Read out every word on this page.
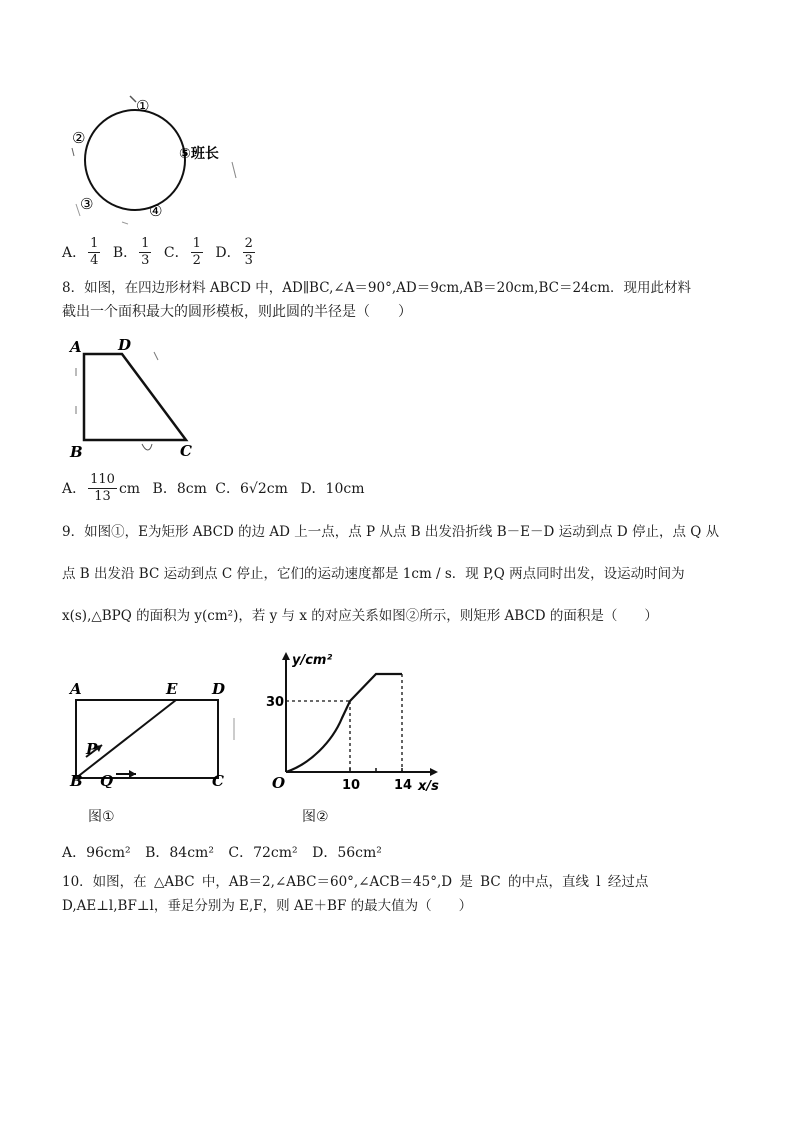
①
②
③	④
⑤班长
A． $\frac{1}{4}$ B． $\frac{1}{3}$ C． $\frac{1}{2}$ D． $\frac{2}{3}$
8．如图，在四边形材料 ABCD 中，AD∥BC,∠A＝90°,AD＝9cm,AB＝20cm,BC＝24cm．现用此材料
截出一个面积最大的圆形模板，则此圆的半径是（　　）
A D
B	C
A． $\frac{110}{13}$ cm B．8cm C．6√2cm D．10cm
9．如图①，E为矩形 ABCD 的边 AD 上一点，点 P 从点 B 出发沿折线 B－E－D 运动到点 D 停止，点 Q 从
点 B 出发沿 BC 运动到点 C 停止，它们的运动速度都是 1cm / s．现 P,Q 两点同时出发，设运动时间为
x(s),△BPQ 的面积为 y(cm²)，若 y 与 x 的对应关系如图②所示，则矩形 ABCD 的面积是（　　）
A	E D
B	C
P
Q
图①
y/cm²
x/s
O
30
10	14
图②
A．96cm² B．84cm² C．72cm² D．56cm²
10．如图，在 △ABC 中，AB＝2,∠ABC＝60°,∠ACB＝45°,D 是 BC 的中点，直线 l 经过点
D,AE⊥l,BF⊥l，垂足分别为 E,F，则 AE＋BF 的最大值为（　　）
